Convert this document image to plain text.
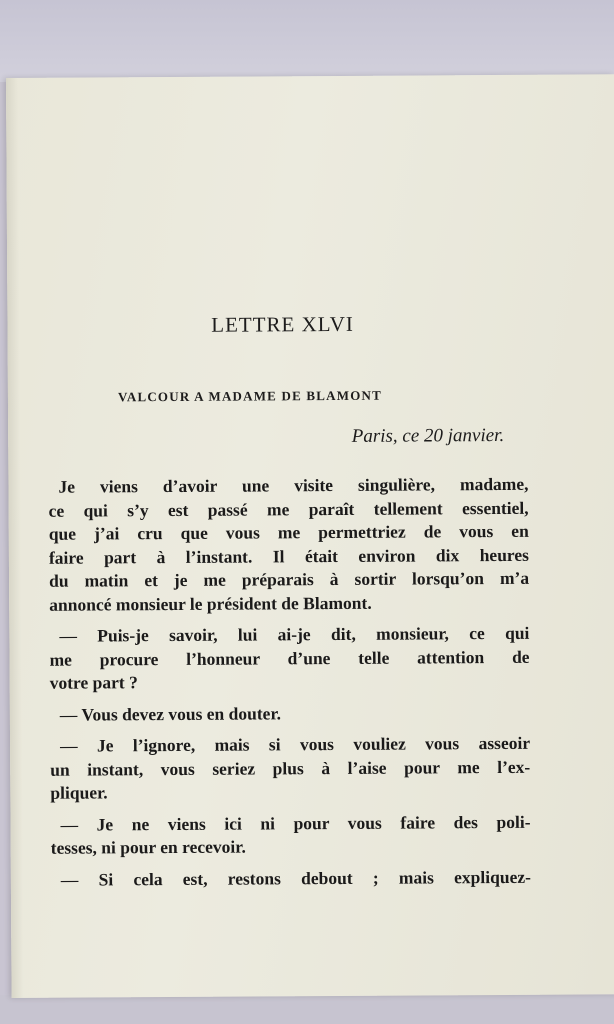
LETTRE XLVI
VALCOUR A MADAME DE BLAMONT
Paris, ce 20 janvier.
Je viens d’avoir une visite singulière, madame,
ce qui s’y est passé me paraît tellement essentiel,
que j’ai cru que vous me permettriez de vous en
faire part à l’instant. Il était environ dix heures
du matin et je me préparais à sortir lorsqu’on m’a
annoncé monsieur le président de Blamont.
— Puis-je savoir, lui ai-je dit, monsieur, ce qui
me procure l’honneur d’une telle attention de
votre part ?
— Vous devez vous en douter.
— Je l’ignore, mais si vous vouliez vous asseoir
un instant, vous seriez plus à l’aise pour me l’ex-
pliquer.
— Je ne viens ici ni pour vous faire des poli-
tesses, ni pour en recevoir.
— Si cela est, restons debout ; mais expliquez-
